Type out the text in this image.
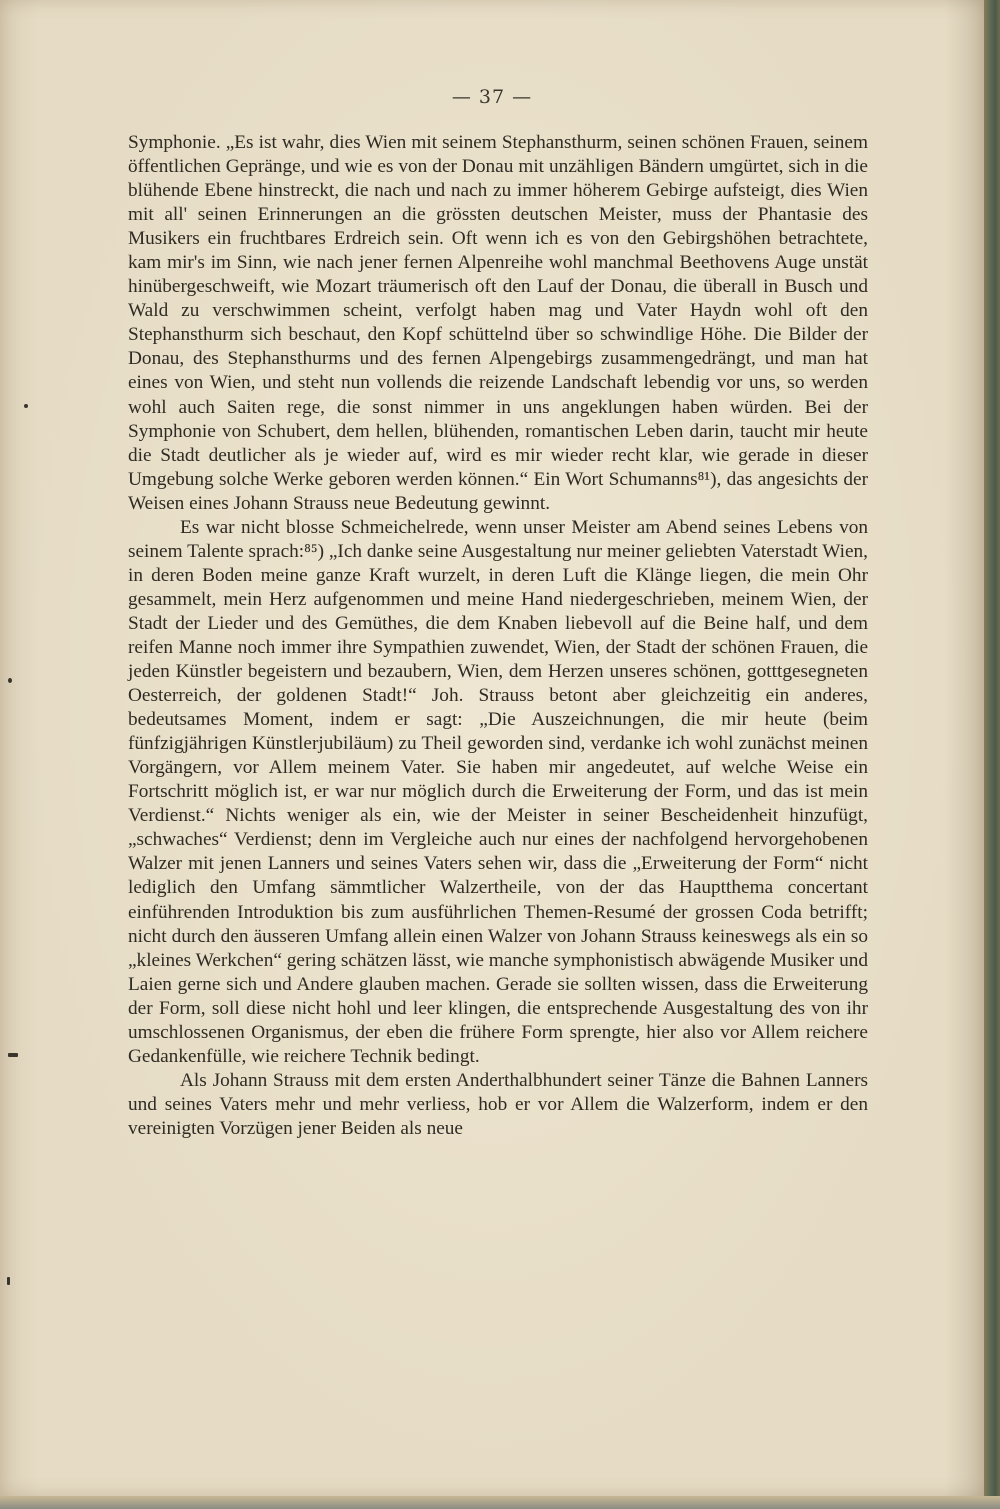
— 37 —

Symphonie. „Es ist wahr, dies Wien mit seinem Stephansthurm, seinen schönen Frauen, seinem öffentlichen Gepränge, und wie es von der Donau mit unzähligen Bändern umgürtet, sich in die blühende Ebene hinstreckt, die nach und nach zu immer höherem Gebirge aufsteigt, dies Wien mit all' seinen Erinnerungen an die grössten deutschen Meister, muss der Phantasie des Musikers ein fruchtbares Erdreich sein. Oft wenn ich es von den Gebirgshöhen betrachtete, kam mir's im Sinn, wie nach jener fernen Alpenreihe wohl manchmal Beethovens Auge unstät hinübergeschweift, wie Mozart träumerisch oft den Lauf der Donau, die überall in Busch und Wald zu verschwimmen scheint, verfolgt haben mag und Vater Haydn wohl oft den Stephansthurm sich beschaut, den Kopf schüttelnd über so schwindlige Höhe. Die Bilder der Donau, des Stephansthurms und des fernen Alpengebirgs zusammengedrängt, und man hat eines von Wien, und steht nun vollends die reizende Landschaft lebendig vor uns, so werden wohl auch Saiten rege, die sonst nimmer in uns angeklungen haben würden. Bei der Symphonie von Schubert, dem hellen, blühenden, romantischen Leben darin, taucht mir heute die Stadt deutlicher als je wieder auf, wird es mir wieder recht klar, wie gerade in dieser Umgebung solche Werke geboren werden können.“ Ein Wort Schumanns⁸¹), das angesichts der Weisen eines Johann Strauss neue Bedeutung gewinnt.

Es war nicht blosse Schmeichelrede, wenn unser Meister am Abend seines Lebens von seinem Talente sprach:⁸⁵) „Ich danke seine Ausgestaltung nur meiner geliebten Vaterstadt Wien, in deren Boden meine ganze Kraft wurzelt, in deren Luft die Klänge liegen, die mein Ohr gesammelt, mein Herz aufgenommen und meine Hand niedergeschrieben, meinem Wien, der Stadt der Lieder und des Gemüthes, die dem Knaben liebevoll auf die Beine half, und dem reifen Manne noch immer ihre Sympathien zuwendet, Wien, der Stadt der schönen Frauen, die jeden Künstler begeistern und bezaubern, Wien, dem Herzen unseres schönen, gotttgesegneten Oesterreich, der goldenen Stadt!“ Joh. Strauss betont aber gleichzeitig ein anderes, bedeutsames Moment, indem er sagt: „Die Auszeichnungen, die mir heute (beim fünfzigjährigen Künstlerjubiläum) zu Theil geworden sind, verdanke ich wohl zunächst meinen Vorgängern, vor Allem meinem Vater. Sie haben mir angedeutet, auf welche Weise ein Fortschritt möglich ist, er war nur möglich durch die Erweiterung der Form, und das ist mein Verdienst.“ Nichts weniger als ein, wie der Meister in seiner Bescheidenheit hinzufügt, „schwaches“ Verdienst; denn im Vergleiche auch nur eines der nachfolgend hervorgehobenen Walzer mit jenen Lanners und seines Vaters sehen wir, dass die „Erweiterung der Form“ nicht lediglich den Umfang sämmtlicher Walzertheile, von der das Hauptthema concertant einführenden Introduktion bis zum ausführlichen Themen-Resumé der grossen Coda betrifft; nicht durch den äusseren Umfang allein einen Walzer von Johann Strauss keineswegs als ein so „kleines Werkchen“ gering schätzen lässt, wie manche symphonistisch abwägende Musiker und Laien gerne sich und Andere glauben machen. Gerade sie sollten wissen, dass die Erweiterung der Form, soll diese nicht hohl und leer klingen, die entsprechende Ausgestaltung des von ihr umschlossenen Organismus, der eben die frühere Form sprengte, hier also vor Allem reichere Gedankenfülle, wie reichere Technik bedingt.

Als Johann Strauss mit dem ersten Anderthalbhundert seiner Tänze die Bahnen Lanners und seines Vaters mehr und mehr verliess, hob er vor Allem die Walzerform, indem er den vereinigten Vorzügen jener Beiden als neue
